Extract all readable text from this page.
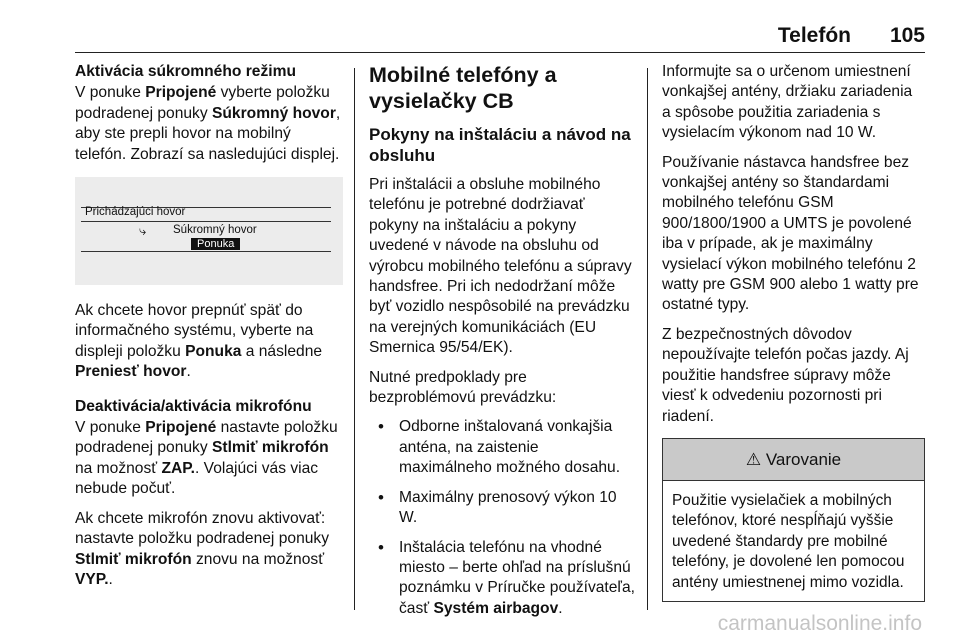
Telefón 105
Aktivácia súkromného režimu

V ponuke Pripojené vyberte položku podradenej ponuky Súkromný hovor, aby ste prepli hovor na mobilný telefón. Zobrazí sa nasledujúci displej.

Prichádzajúci hovor
⤷ Súkromný hovor
Ponuka

Ak chcete hovor prepnúť späť do informačného systému, vyberte na displeji položku Ponuka a následne Preniesť hovor.

Deaktivácia/aktivácia mikrofónu

V ponuke Pripojené nastavte položku podradenej ponuky Stlmiť mikrofón na možnosť ZAP.. Volajúci vás viac nebude počuť.

Ak chcete mikrofón znovu aktivovať: nastavte položku podradenej ponuky Stlmiť mikrofón znovu na možnosť VYP..

Mobilné telefóny a vysielačky CB
Pokyny na inštaláciu a návod na obsluhu

Pri inštalácii a obsluhe mobilného telefónu je potrebné dodržiavať pokyny na inštaláciu a pokyny uvedené v návode na obsluhu od výrobcu mobilného telefónu a súpravy handsfree. Pri ich nedodržaní môže byť vozidlo nespôsobilé na prevádzku na verejných komunikáciách (EU Smernica 95/54/EK).

Nutné predpoklady pre bezproblémovú prevádzku:

• Odborne inštalovaná vonkajšia anténa, na zaistenie maximálneho možného dosahu.
• Maximálny prenosový výkon 10 W.
• Inštalácia telefónu na vhodné miesto – berte ohľad na príslušnú poznámku v Príručke používateľa, časť Systém airbagov.

Informujte sa o určenom umiestnení vonkajšej antény, držiaku zariadenia a spôsobe použitia zariadenia s vysielacím výkonom nad 10 W.

Používanie nástavca handsfree bez vonkajšej antény so štandardami mobilného telefónu GSM 900/1800/1900 a UMTS je povolené iba v prípade, ak je maximálny vysielací výkon mobilného telefónu 2 watty pre GSM 900 alebo 1 watty pre ostatné typy.

Z bezpečnostných dôvodov nepoužívajte telefón počas jazdy. Aj použitie handsfree súpravy môže viesť k odvedeniu pozornosti pri riadení.

⚠ Varovanie
Použitie vysielačiek a mobilných telefónov, ktoré nespĺňajú vyššie uvedené štandardy pre mobilné telefóny, je dovolené len pomocou antény umiestnenej mimo vozidla.
carmanualsonline.info
